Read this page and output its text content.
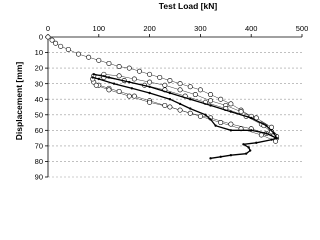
0
10
20
30
40
50
60
70
80
90
0	100	200	300	400	500
Test Load [kN]
Displacement [mm]
